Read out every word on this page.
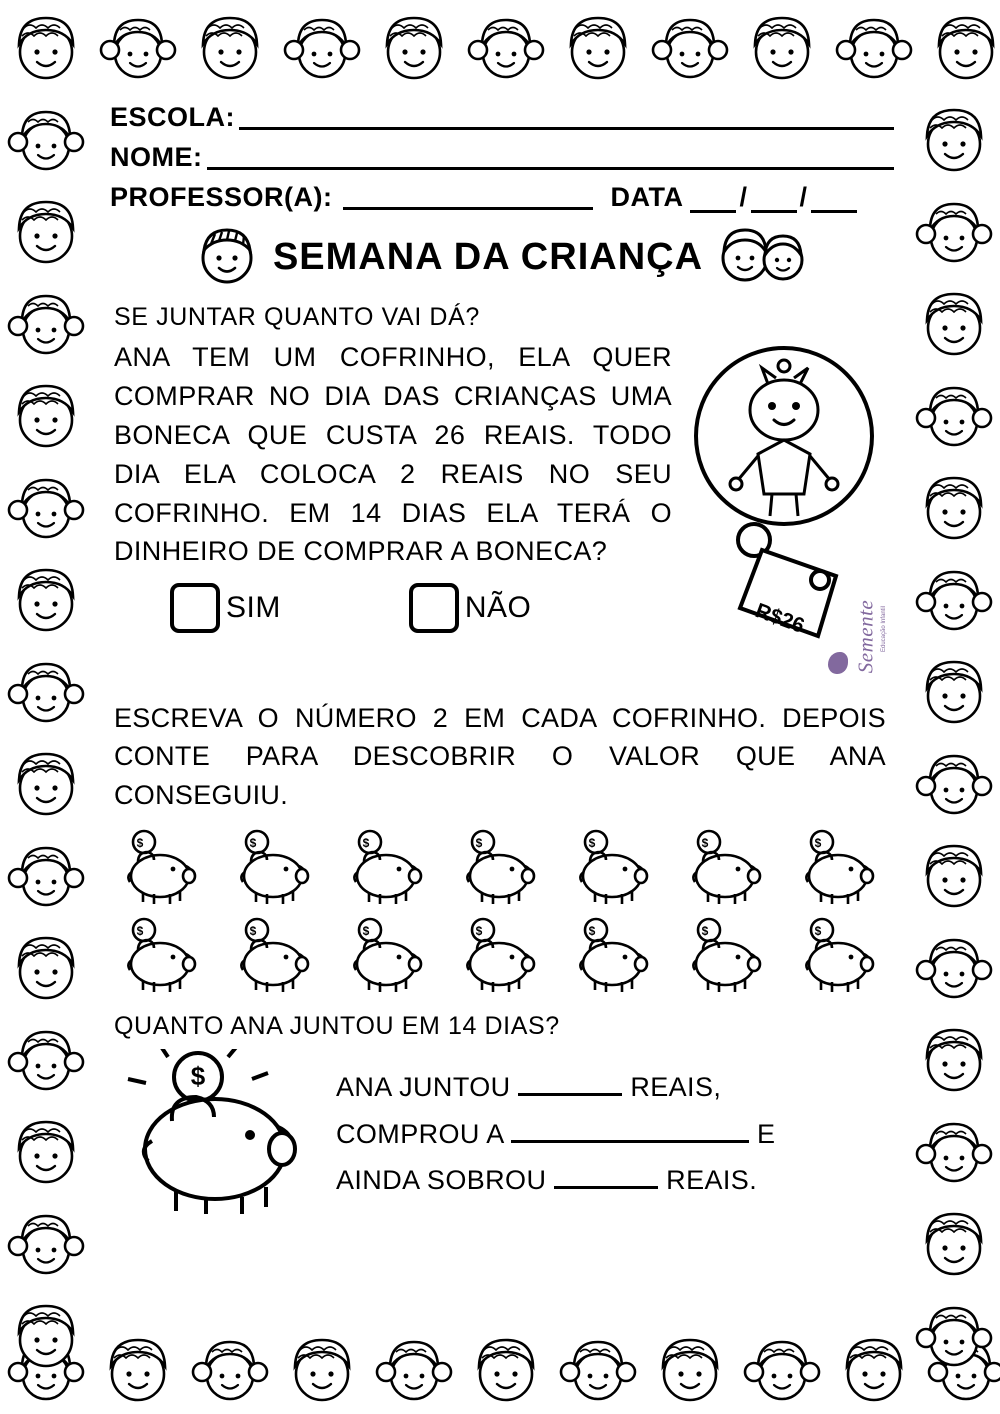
ESCOLA:
NOME:
PROFESSOR(A):	DATA / /
SEMANA DA CRIANÇA
SE JUNTAR QUANTO VAI DÁ?
ANA TEM UM COFRINHO, ELA QUER COMPRAR NO DIA DAS CRIANÇAS UMA BONECA QUE CUSTA 26 REAIS. TODO DIA ELA COLOCA 2 REAIS NO SEU COFRINHO. EM 14 DIAS ELA TERÁ O DINHEIRO DE COMPRAR A BONECA?
SIM	NÃO	R$26
ESCREVA O NÚMERO 2 EM CADA COFRINHO. DEPOIS CONTE PARA DESCOBRIR O VALOR QUE ANA CONSEGUIU.
$	$	$	$	$	$	$
$	$	$	$	$	$	$
QUANTO ANA JUNTOU EM 14 DIAS?
$	ANA JUNTOU	REAIS,
COMPROU A	E
AINDA SOBROU	REAIS.
Semente Educação Infantil
